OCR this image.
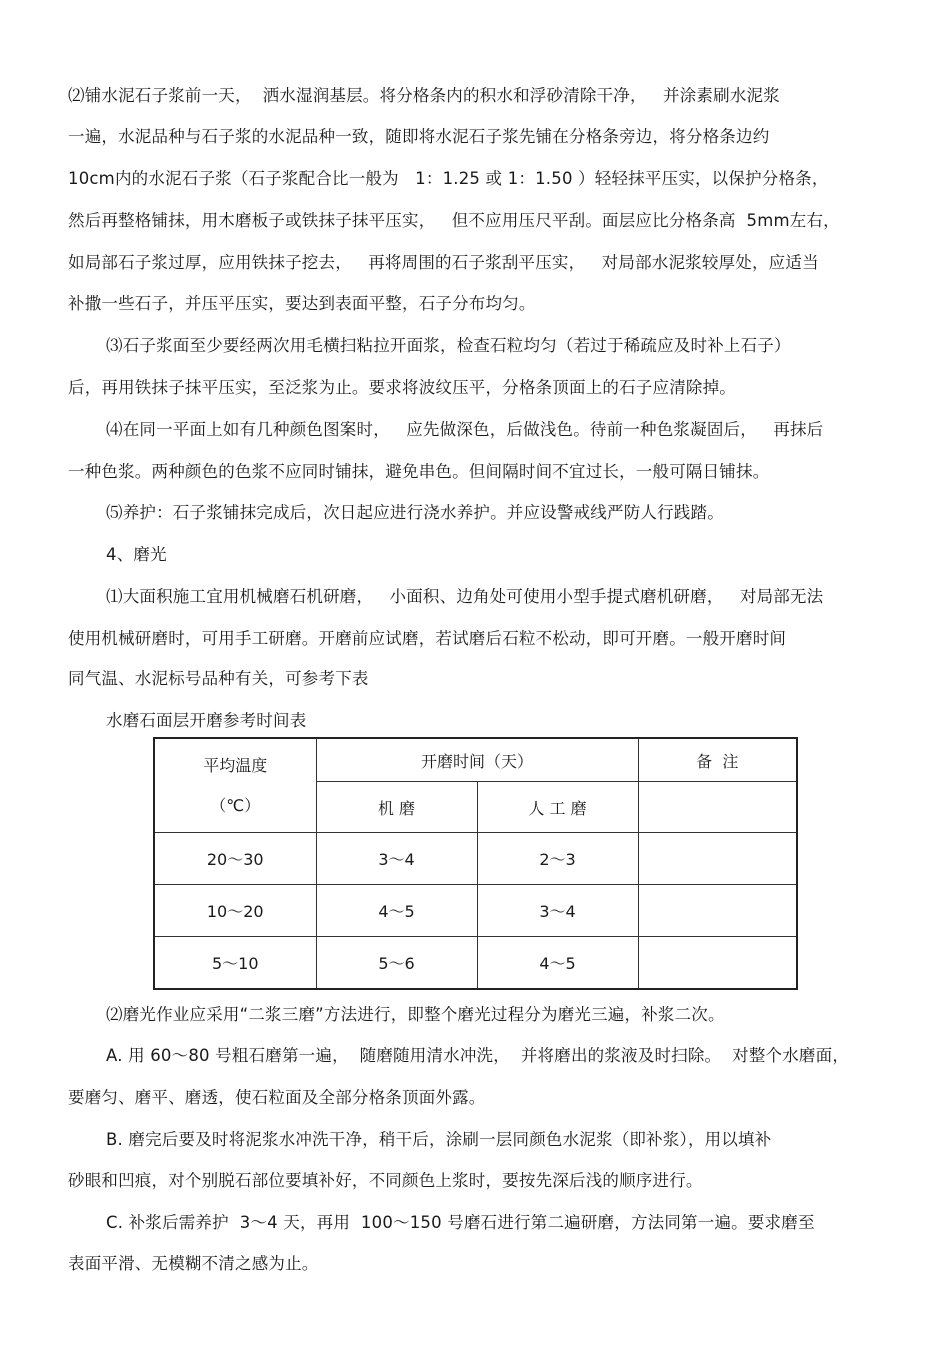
⑵铺水泥石子浆前一天，  洒水湿润基层。将分格条内的积水和浮砂清除干净，   并涂素刷水泥浆
一遍，水泥品种与石子浆的水泥品种一致，随即将水泥石子浆先铺在分格条旁边，将分格条边约
10cm内的水泥石子浆（石子浆配合比一般为   1：1.25 或 1：1.50 ）轻轻抹平压实，以保护分格条，
然后再整格铺抹，用木磨板子或铁抹子抹平压实，   但不应用压尺平刮。面层应比分格条高  5mm左右，
如局部石子浆过厚，应用铁抹子挖去，   再将周围的石子浆刮平压实，   对局部水泥浆较厚处，应适当
补撒一些石子，并压平压实，要达到表面平整，石子分布均匀。
⑶石子浆面至少要经两次用毛横扫粘拉开面浆，检查石粒均匀（若过于稀疏应及时补上石子）
后，再用铁抹子抹平压实，至泛浆为止。要求将波纹压平，分格条顶面上的石子应清除掉。
⑷在同一平面上如有几种颜色图案时，   应先做深色，后做浅色。待前一种色浆凝固后，   再抹后
一种色浆。两种颜色的色浆不应同时铺抹，避免串色。但间隔时间不宜过长，一般可隔日铺抹。
⑸养护：石子浆铺抹完成后，次日起应进行浇水养护。并应设警戒线严防人行践踏。
4、磨光
⑴大面积施工宜用机械磨石机研磨，   小面积、边角处可使用小型手提式磨机研磨，   对局部无法
使用机械研磨时，可用手工研磨。开磨前应试磨，若试磨后石粒不松动，即可开磨。一般开磨时间
同气温、水泥标号品种有关，可参考下表
水磨石面层开磨参考时间表
⑵磨光作业应采用“二浆三磨”方法进行，即整个磨光过程分为磨光三遍，补浆二次。
A. 用 60～80 号粗石磨第一遍，  随磨随用清水冲洗，  并将磨出的浆液及时扫除。  对整个水磨面，
要磨匀、磨平、磨透，使石粒面及全部分格条顶面外露。
B. 磨完后要及时将泥浆水冲洗干净，稍干后，涂刷一层同颜色水泥浆（即补浆），用以填补
砂眼和凹痕，对个别脱石部位要填补好，不同颜色上浆时，要按先深后浅的顺序进行。
C. 补浆后需养护  3～4 天，再用  100～150 号磨石进行第二遍研磨，方法同第一遍。要求磨至
表面平滑、无模糊不清之感为止。
平均温度
（℃）	开磨时间（天）		备  注
	机 磨	人 工 磨	
20～30	3～4	2～3	
10～20	4～5	3～4	
5～10	5～6	4～5	
